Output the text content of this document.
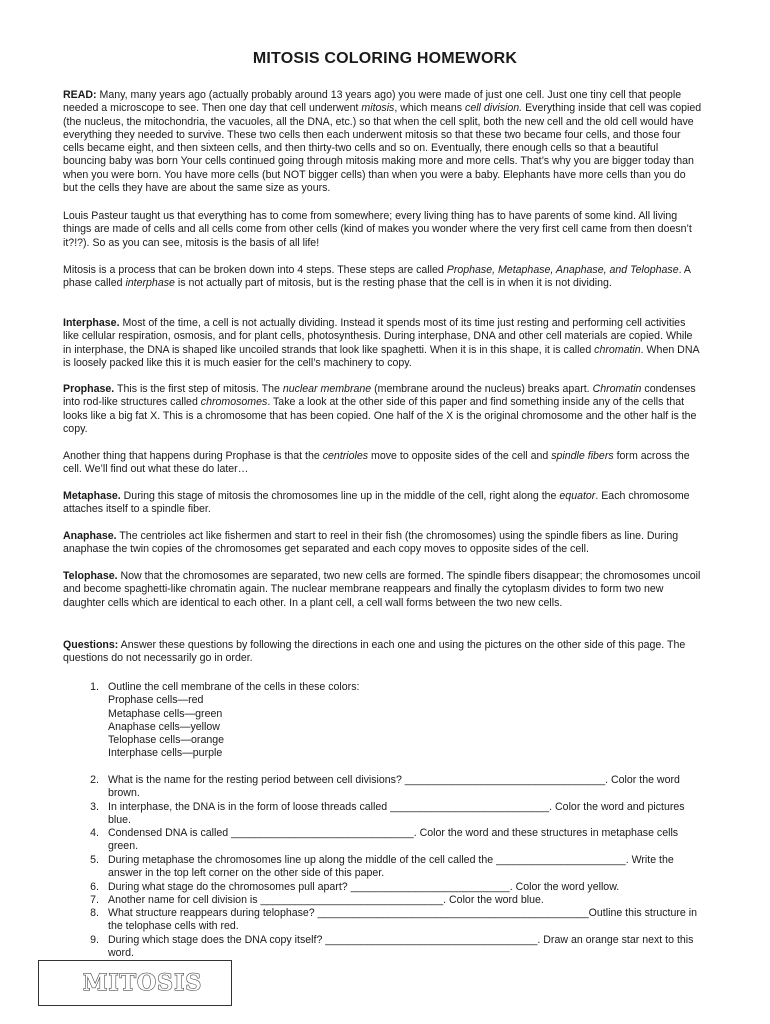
MITOSIS COLORING HOMEWORK
READ: Many, many years ago (actually probably around 13 years ago) you were made of just one cell. Just one tiny cell that people needed a microscope to see. Then one day that cell underwent mitosis, which means cell division. Everything inside that cell was copied (the nucleus, the mitochondria, the vacuoles, all the DNA, etc.) so that when the cell split, both the new cell and the old cell would have everything they needed to survive. These two cells then each underwent mitosis so that these two became four cells, and those four cells became eight, and then sixteen cells, and then thirty-two cells and so on. Eventually, there enough cells so that a beautiful bouncing baby was born Your cells continued going through mitosis making more and more cells. That’s why you are bigger today than when you were born. You have more cells (but NOT bigger cells) than when you were a baby. Elephants have more cells than you do but the cells they have are about the same size as yours.
Louis Pasteur taught us that everything has to come from somewhere; every living thing has to have parents of some kind. All living things are made of cells and all cells come from other cells (kind of makes you wonder where the very first cell came from then doesn’t it?!?). So as you can see, mitosis is the basis of all life!
Mitosis is a process that can be broken down into 4 steps. These steps are called Prophase, Metaphase, Anaphase, and Telophase. A phase called interphase is not actually part of mitosis, but is the resting phase that the cell is in when it is not dividing.
Interphase. Most of the time, a cell is not actually dividing. Instead it spends most of its time just resting and performing cell activities like cellular respiration, osmosis, and for plant cells, photosynthesis. During interphase, DNA and other cell materials are copied. While in interphase, the DNA is shaped like uncoiled strands that look like spaghetti. When it is in this shape, it is called chromatin. When DNA is loosely packed like this it is much easier for the cell’s machinery to copy.
Prophase. This is the first step of mitosis. The nuclear membrane (membrane around the nucleus) breaks apart. Chromatin condenses into rod-like structures called chromosomes. Take a look at the other side of this paper and find something inside any of the cells that looks like a big fat X. This is a chromosome that has been copied. One half of the X is the original chromosome and the other half is the copy.
Another thing that happens during Prophase is that the centrioles move to opposite sides of the cell and spindle fibers form across the cell. We’ll find out what these do later…
Metaphase. During this stage of mitosis the chromosomes line up in the middle of the cell, right along the equator. Each chromosome attaches itself to a spindle fiber.
Anaphase. The centrioles act like fishermen and start to reel in their fish (the chromosomes) using the spindle fibers as line. During anaphase the twin copies of the chromosomes get separated and each copy moves to opposite sides of the cell.
Telophase. Now that the chromosomes are separated, two new cells are formed. The spindle fibers disappear; the chromosomes uncoil and become spaghetti-like chromatin again. The nuclear membrane reappears and finally the cytoplasm divides to form two new daughter cells which are identical to each other. In a plant cell, a cell wall forms between the two new cells.
Questions: Answer these questions by following the directions in each one and using the pictures on the other side of this page. The questions do not necessarily go in order.
1. Outline the cell membrane of the cells in these colors:
Prophase cells—red
Metaphase cells—green
Anaphase cells—yellow
Telophase cells—orange
Interphase cells—purple
2. What is the name for the resting period between cell divisions? __________________________________. Color the word brown.
3. In interphase, the DNA is in the form of loose threads called ___________________________. Color the word and pictures blue.
4. Condensed DNA is called _______________________________. Color the word and these structures in metaphase cells green.
5. During metaphase the chromosomes line up along the middle of the cell called the ______________________. Write the answer in the top left corner on the other side of this paper.
6. During what stage do the chromosomes pull apart? ___________________________. Color the word yellow.
7. Another name for cell division is _______________________________. Color the word blue.
8. What structure reappears during telophase? ______________________________________________Outline this structure in the telophase cells with red.
9. During which stage does the DNA copy itself? ____________________________________. Draw an orange star next to this word.
MITOSIS
